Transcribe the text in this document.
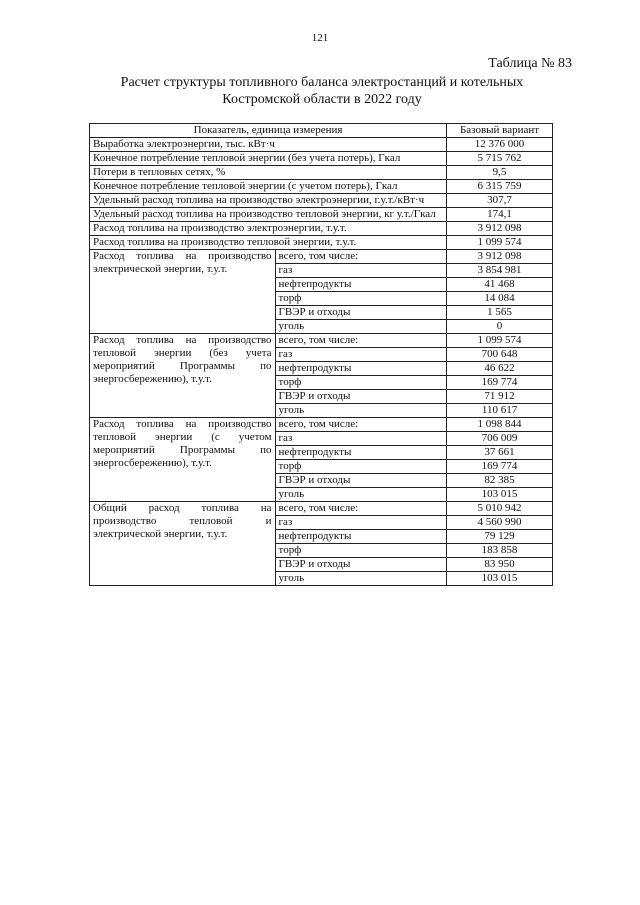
121
Таблица № 83
Расчет структуры топливного баланса электростанций и котельных
Костромской области в 2022 году
Показатель, единица измерения		Базовый вариант
Выработка электроэнергии, тыс. кВт·ч		12 376 000
Конечное потребление тепловой энергии (без учета потерь), Гкал		5 715 762
Потери в тепловых сетях, %		9,5
Конечное потребление тепловой энергии (с учетом потерь), Гкал		6 315 759
Удельный расход топлива на производство электроэнергии, г.у.т./кВт·ч		307,7
Удельный расход топлива на производство тепловой энергии, кг у.т./Гкал		174,1
Расход топлива на производство электроэнергии, т.у.т.		3 912 098
Расход топлива на производство тепловой энергии, т.у.т.		1 099 574
Расход топлива на производство электрической энергии, т.у.т.	всего, том числе:	3 912 098
	газ	3 854 981
	нефтепродукты	41 468
	торф	14 084
	ГВЭР и отходы	1 565
	уголь	0
Расход топлива на производство тепловой энергии (без учета мероприятий Программы по энергосбережению), т.у.т.	всего, том числе:	1 099 574
	газ	700 648
	нефтепродукты	46 622
	торф	169 774
	ГВЭР и отходы	71 912
	уголь	110 617
Расход топлива на производство тепловой энергии (с учетом мероприятий Программы по энергосбережению), т.у.т.	всего, том числе:	1 098 844
	газ	706 009
	нефтепродукты	37 661
	торф	169 774
	ГВЭР и отходы	82 385
	уголь	103 015
Общий расход топлива на производство тепловой и электрической энергии, т.у.т.	всего, том числе:	5 010 942
	газ	4 560 990
	нефтепродукты	79 129
	торф	183 858
	ГВЭР и отходы	83 950
	уголь	103 015
